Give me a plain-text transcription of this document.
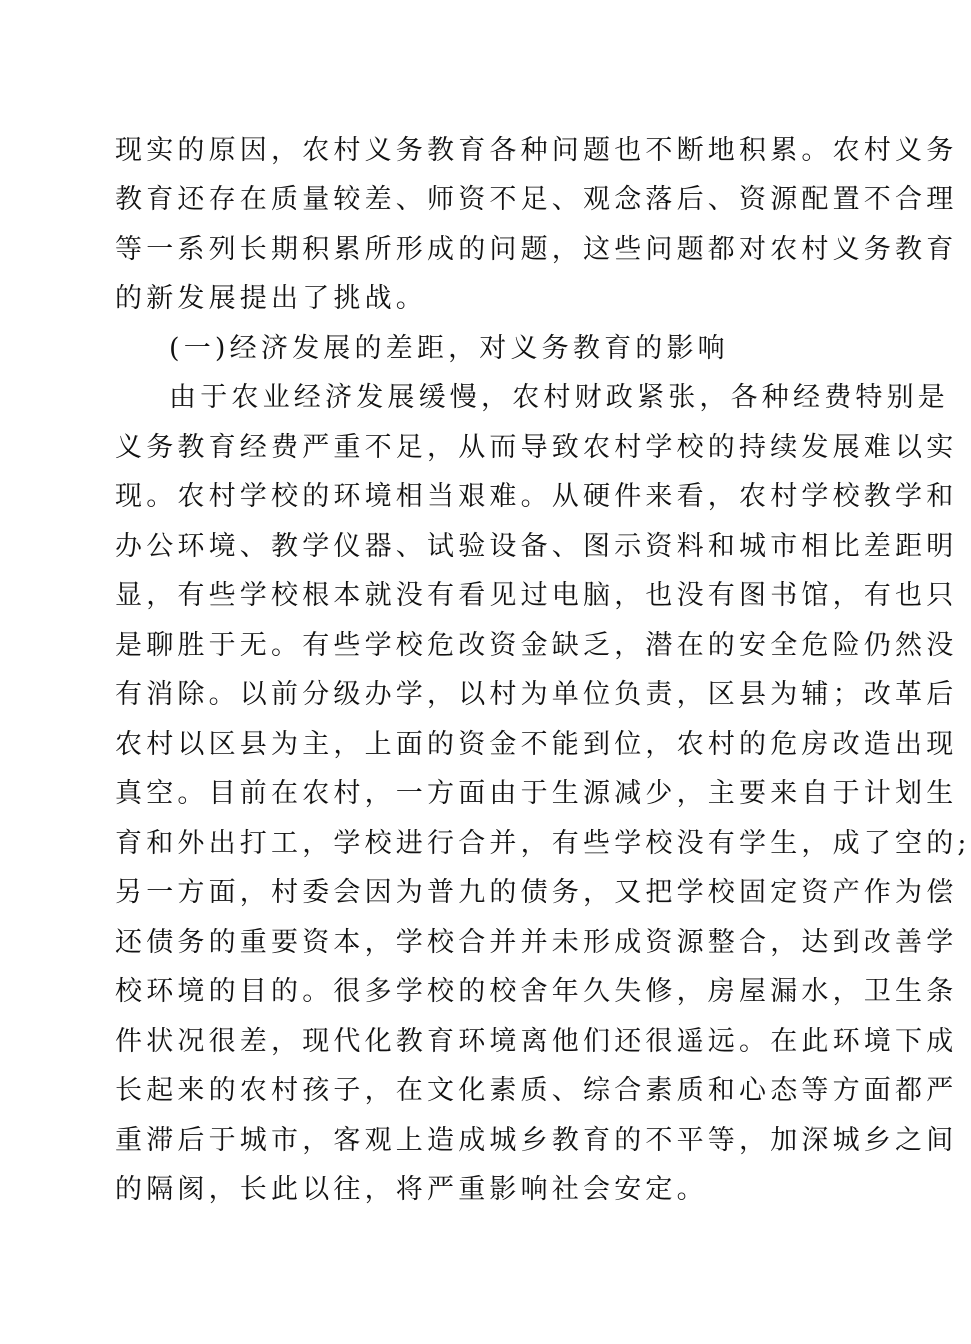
现实的原因，农村义务教育各种问题也不断地积累。农村义务
教育还存在质量较差、师资不足、观念落后、资源配置不合理
等一系列长期积累所形成的问题，这些问题都对农村义务教育
的新发展提出了挑战。
(一)经济发展的差距，对义务教育的影响
由于农业经济发展缓慢，农村财政紧张，各种经费特别是
义务教育经费严重不足，从而导致农村学校的持续发展难以实
现。农村学校的环境相当艰难。从硬件来看，农村学校教学和
办公环境、教学仪器、试验设备、图示资料和城市相比差距明
显，有些学校根本就没有看见过电脑，也没有图书馆，有也只
是聊胜于无。有些学校危改资金缺乏，潜在的安全危险仍然没
有消除。以前分级办学，以村为单位负责，区县为辅；改革后
农村以区县为主，上面的资金不能到位，农村的危房改造出现
真空。目前在农村，一方面由于生源减少，主要来自于计划生
育和外出打工，学校进行合并，有些学校没有学生，成了空的;
另一方面，村委会因为普九的债务，又把学校固定资产作为偿
还债务的重要资本，学校合并并未形成资源整合，达到改善学
校环境的目的。很多学校的校舍年久失修，房屋漏水，卫生条
件状况很差，现代化教育环境离他们还很遥远。在此环境下成
长起来的农村孩子，在文化素质、综合素质和心态等方面都严
重滞后于城市，客观上造成城乡教育的不平等，加深城乡之间
的隔阂，长此以往，将严重影响社会安定。
